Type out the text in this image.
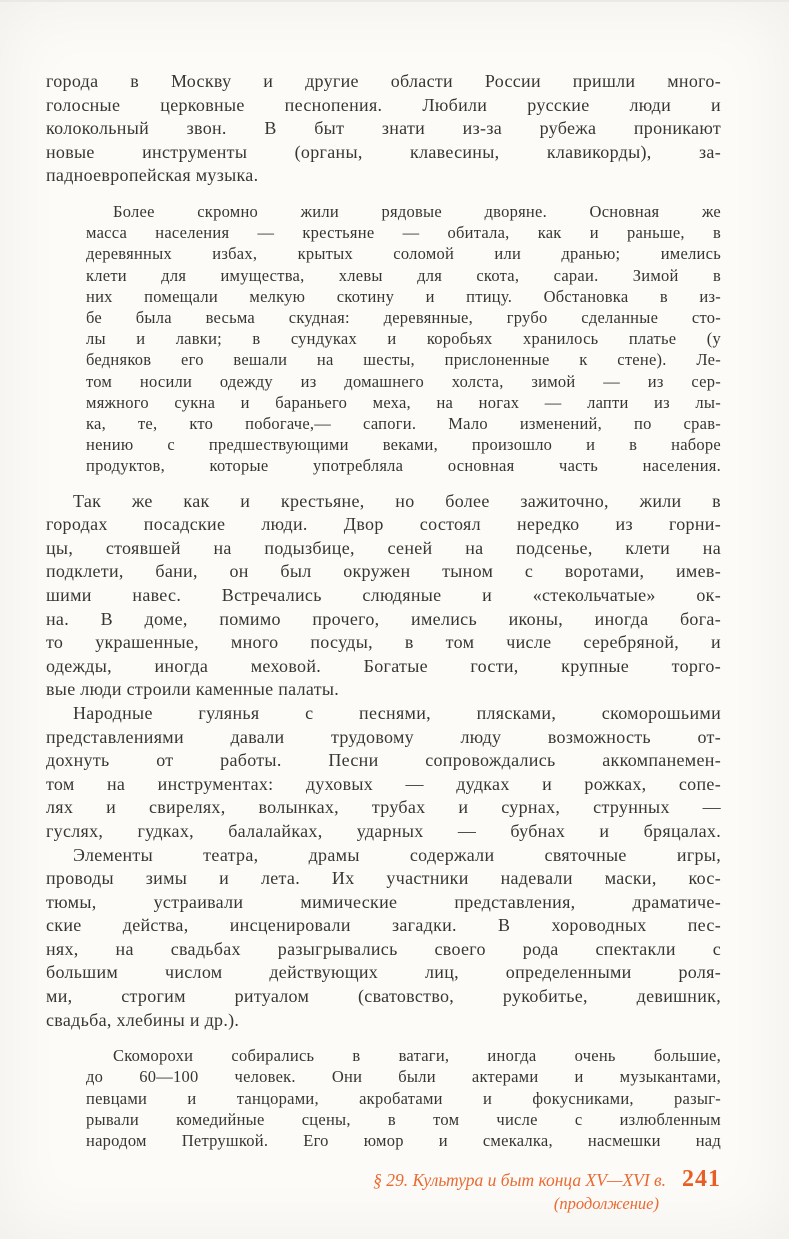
города в Москву и другие области России пришли много-
голосные церковные песнопения. Любили русские люди и
колокольный звон. В быт знати из-за рубежа проникают
новые инструменты (органы, клавесины, клавикорды), за-
падноевропейская музыка.
Более скромно жили рядовые дворяне. Основная же
масса населения — крестьяне — обитала, как и раньше, в
деревянных избах, крытых соломой или дранью; имелись
клети для имущества, хлевы для скота, сараи. Зимой в
них помещали мелкую скотину и птицу. Обстановка в из-
бе была весьма скудная: деревянные, грубо сделанные сто-
лы и лавки; в сундуках и коробьях хранилось платье (у
бедняков его вешали на шесты, прислоненные к стене). Ле-
том носили одежду из домашнего холста, зимой — из сер-
мяжного сукна и бараньего меха, на ногах — лапти из лы-
ка, те, кто побогаче,— сапоги. Мало изменений, по срав-
нению с предшествующими веками, произошло и в наборе
продуктов, которые употребляла основная часть населения.
Так же как и крестьяне, но более зажиточно, жили в
городах посадские люди. Двор состоял нередко из горни-
цы, стоявшей на подызбице, сеней на подсенье, клети на
подклети, бани, он был окружен тыном с воротами, имев-
шими навес. Встречались слюдяные и «стекольчатые» ок-
на. В доме, помимо прочего, имелись иконы, иногда бога-
то украшенные, много посуды, в том числе серебряной, и
одежды, иногда меховой. Богатые гости, крупные торго-
вые люди строили каменные палаты.
Народные гулянья с песнями, плясками, скоморошьими
представлениями давали трудовому люду возможность от-
дохнуть от работы. Песни сопровождались аккомпанемен-
том на инструментах: духовых — дудках и рожках, сопе-
лях и свирелях, волынках, трубах и сурнах, струнных —
гуслях, гудках, балалайках, ударных — бубнах и бряцалах.
Элементы театра, драмы содержали святочные игры,
проводы зимы и лета. Их участники надевали маски, кос-
тюмы, устраивали мимические представления, драматиче-
ские действа, инсценировали загадки. В хороводных пес-
нях, на свадьбах разыгрывались своего рода спектакли с
большим числом действующих лиц, определенными роля-
ми, строгим ритуалом (сватовство, рукобитье, девишник,
свадьба, хлебины и др.).
Скоморохи собирались в ватаги, иногда очень большие,
до 60—100 человек. Они были актерами и музыкантами,
певцами и танцорами, акробатами и фокусниками, разыг-
рывали комедийные сцены, в том числе с излюбленным
народом Петрушкой. Его юмор и смекалка, насмешки над
§ 29. Культура и быт конца XV—XVI в. 241
(продолжение)
